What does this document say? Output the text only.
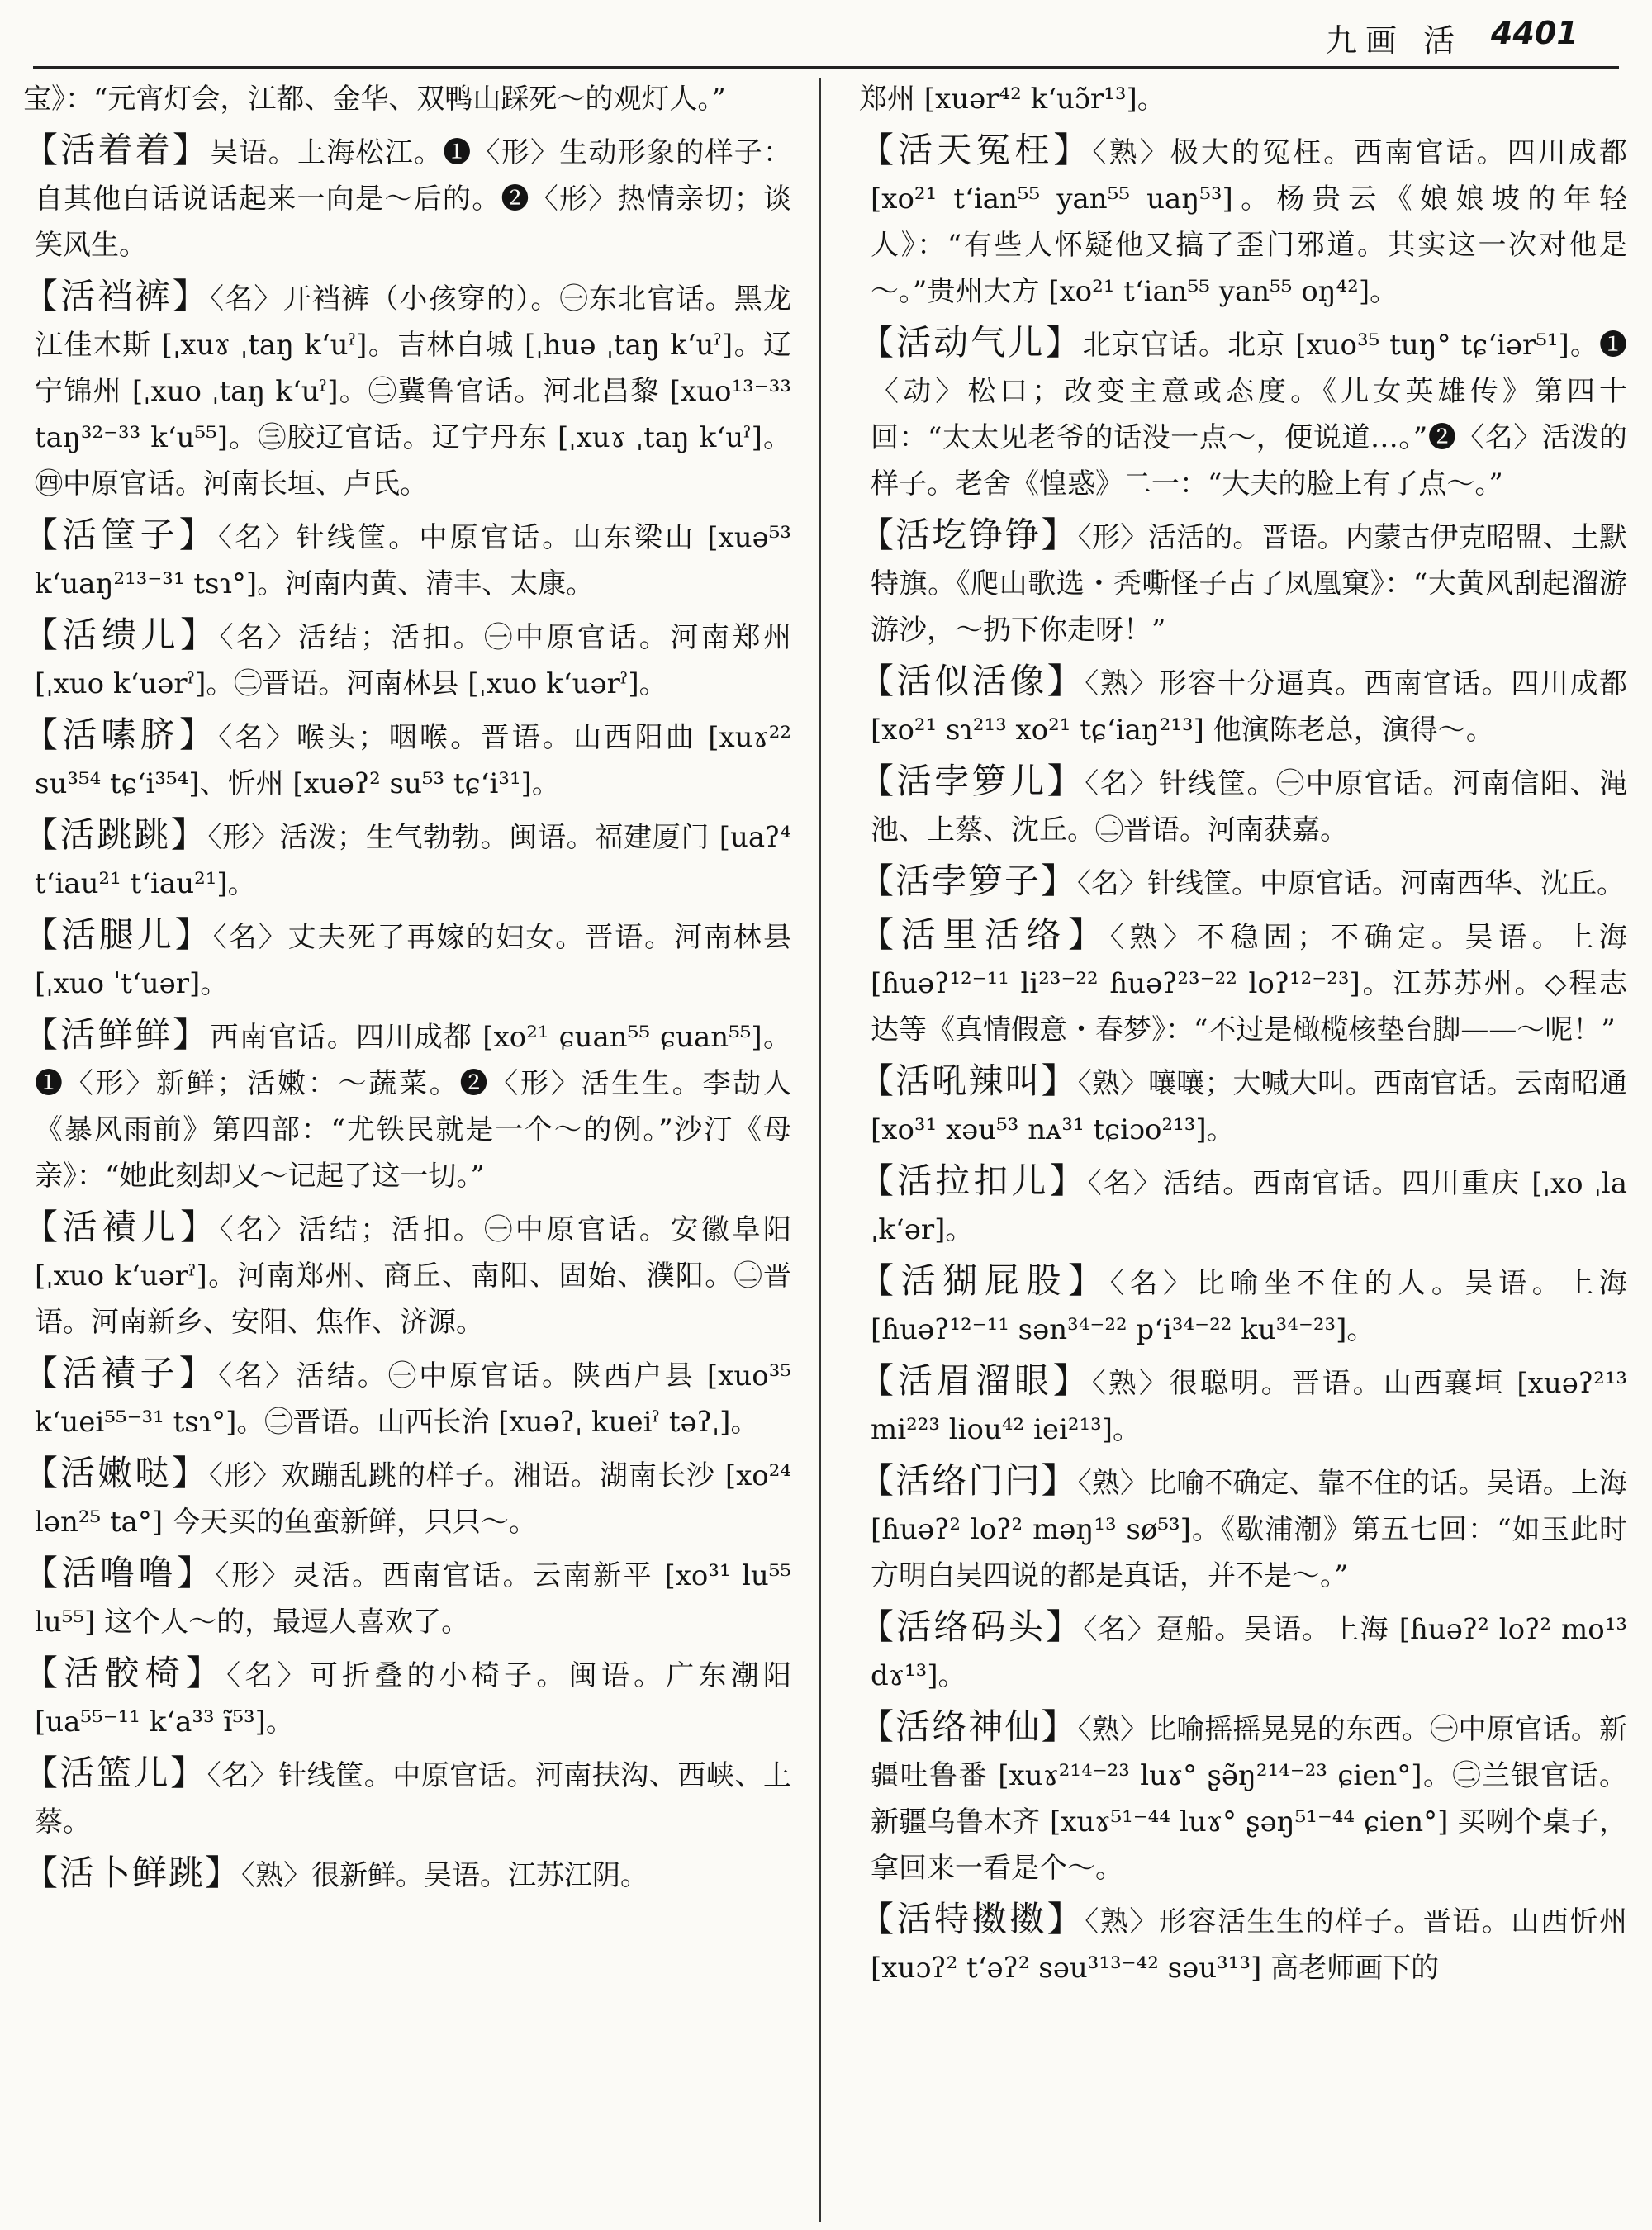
九画 活 4401

宝》：“元宵灯会，江都、金华、双鸭山踩死～的观灯人。”

【活着着】吴语。上海松江。❶〈形〉生动形象的样子：自其他白话说话起来一向是～后的。❷〈形〉热情亲切；谈笑风生。

【活裆裤】〈名〉开裆裤（小孩穿的）。㊀东北官话。黑龙江佳木斯 [ˌxuɤ ˌtaŋ kʻuˀ]。吉林白城 [ˌhuə ˌtaŋ kʻuˀ]。辽宁锦州 [ˌxuo ˌtaŋ kʻuˀ]。㊁冀鲁官话。河北昌黎 [xuo¹³⁻³³ taŋ³²⁻³³ kʻu⁵⁵]。㊂胶辽官话。辽宁丹东 [ˌxuɤ ˌtaŋ kʻuˀ]。㊃中原官话。河南长垣、卢氏。

【活筐子】〈名〉针线筐。中原官话。山东梁山 [xuə⁵³ kʻuaŋ²¹³⁻³¹ tsɿ°]。河南内黄、清丰、太康。

【活缋儿】〈名〉活结；活扣。㊀中原官话。河南郑州 [ˌxuo kʻuərˀ]。㊁晋语。河南林县 [ˌxuo kʻuərˀ]。

【活嗉脐】〈名〉喉头；咽喉。晋语。山西阳曲 [xuɤ²² su³⁵⁴ tɕʻi³⁵⁴]、忻州 [xuəʔ² su⁵³ tɕʻi³¹]。

【活跳跳】〈形〉活泼；生气勃勃。闽语。福建厦门 [uaʔ⁴ tʻiau²¹ tʻiau²¹]。

【活腿儿】〈名〉丈夫死了再嫁的妇女。晋语。河南林县 [ˌxuo ˈtʻuər]。

【活鲜鲜】西南官话。四川成都 [xo²¹ ɕuan⁵⁵ ɕuan⁵⁵]。❶〈形〉新鲜；活嫩：～蔬菜。❷〈形〉活生生。李劼人《暴风雨前》第四部：“尤铁民就是一个～的例。”沙汀《母亲》：“她此刻却又～记起了这一切。”

【活襀儿】〈名〉活结；活扣。㊀中原官话。安徽阜阳 [ˌxuo kʻuərˀ]。河南郑州、商丘、南阳、固始、濮阳。㊁晋语。河南新乡、安阳、焦作、济源。

【活襀子】〈名〉活结。㊀中原官话。陕西户县 [xuo³⁵ kʻuei⁵⁵⁻³¹ tsɿ°]。㊁晋语。山西长治 [xuəʔˌ kueiˀ təʔˌ]。

【活嫩哒】〈形〉欢蹦乱跳的样子。湘语。湖南长沙 [xo²⁴ lən²⁵ ta°] 今天买的鱼蛮新鲜，只只～。

【活噜噜】〈形〉灵活。西南官话。云南新平 [xo³¹ lu⁵⁵ lu⁵⁵] 这个人～的，最逗人喜欢了。

【活骹椅】〈名〉可折叠的小椅子。闽语。广东潮阳 [ua⁵⁵⁻¹¹ kʻa³³ ĩ⁵³]。

【活篮儿】〈名〉针线筐。中原官话。河南扶沟、西峡、上蔡。

【活卜鲜跳】〈熟〉很新鲜。吴语。江苏江阴。

郑州 [xuər⁴² kʻuɔ̃r¹³]。

【活天冤枉】〈熟〉极大的冤枉。西南官话。四川成都 [xo²¹ tʻian⁵⁵ yan⁵⁵ uaŋ⁵³]。杨贵云《娘娘坡的年轻人》：“有些人怀疑他又搞了歪门邪道。其实这一次对他是～。”贵州大方 [xo²¹ tʻian⁵⁵ yan⁵⁵ oŋ⁴²]。

【活动气儿】北京官话。北京 [xuo³⁵ tuŋ° tɕʻiər⁵¹]。❶〈动〉松口；改变主意或态度。《儿女英雄传》第四十回：“太太见老爷的话没一点～，便说道…。”❷〈名〉活泼的样子。老舍《惶惑》二一：“大夫的脸上有了点～。”

【活圪铮铮】〈形〉活活的。晋语。内蒙古伊克昭盟、土默特旗。《爬山歌选・秃嘶怪子占了凤凰窠》：“大黄风刮起溜游游沙，～扔下你走呀！”

【活似活像】〈熟〉形容十分逼真。西南官话。四川成都 [xo²¹ sɿ²¹³ xo²¹ tɕʻiaŋ²¹³] 他演陈老总，演得～。

【活孛箩儿】〈名〉针线筐。㊀中原官话。河南信阳、渑池、上蔡、沈丘。㊁晋语。河南获嘉。

【活孛箩子】〈名〉针线筐。中原官话。河南西华、沈丘。

【活里活络】〈熟〉不稳固；不确定。吴语。上海 [ɦuəʔ¹²⁻¹¹ li²³⁻²² ɦuəʔ²³⁻²² loʔ¹²⁻²³]。江苏苏州。◇程志达等《真情假意・春梦》：“不过是橄榄核垫台脚——～呢！”

【活吼辣叫】〈熟〉嚷嚷；大喊大叫。西南官话。云南昭通 [xo³¹ xəu⁵³ nᴀ³¹ tɕiɔo²¹³]。

【活拉扣儿】〈名〉活结。西南官话。四川重庆 [ˌxo ˌla ˌkʻər]。

【活猢屁股】〈名〉比喻坐不住的人。吴语。上海 [ɦuəʔ¹²⁻¹¹ sən³⁴⁻²² pʻi³⁴⁻²² ku³⁴⁻²³]。

【活眉溜眼】〈熟〉很聪明。晋语。山西襄垣 [xuəʔ²¹³ mi²²³ liou⁴² iei²¹³]。

【活络门闩】〈熟〉比喻不确定、靠不住的话。吴语。上海 [ɦuəʔ² loʔ² məŋ¹³ sø⁵³]。《歇浦潮》第五七回：“如玉此时方明白吴四说的都是真话，并不是～。”

【活络码头】〈名〉趸船。吴语。上海 [ɦuəʔ² loʔ² mo¹³ dɤ¹³]。

【活络神仙】〈熟〉比喻摇摇晃晃的东西。㊀中原官话。新疆吐鲁番 [xuɤ²¹⁴⁻²³ luɤ° ʂə̃ŋ²¹⁴⁻²³ ɕien°]。㊁兰银官话。新疆乌鲁木齐 [xuɤ⁵¹⁻⁴⁴ luɤ° ʂəŋ⁵¹⁻⁴⁴ ɕien°] 买咧个桌子，拿回来一看是个～。

【活特擞擞】〈熟〉形容活生生的样子。晋语。山西忻州 [xuɔʔ² tʻəʔ² səu³¹³⁻⁴² səu³¹³] 高老师画下的
